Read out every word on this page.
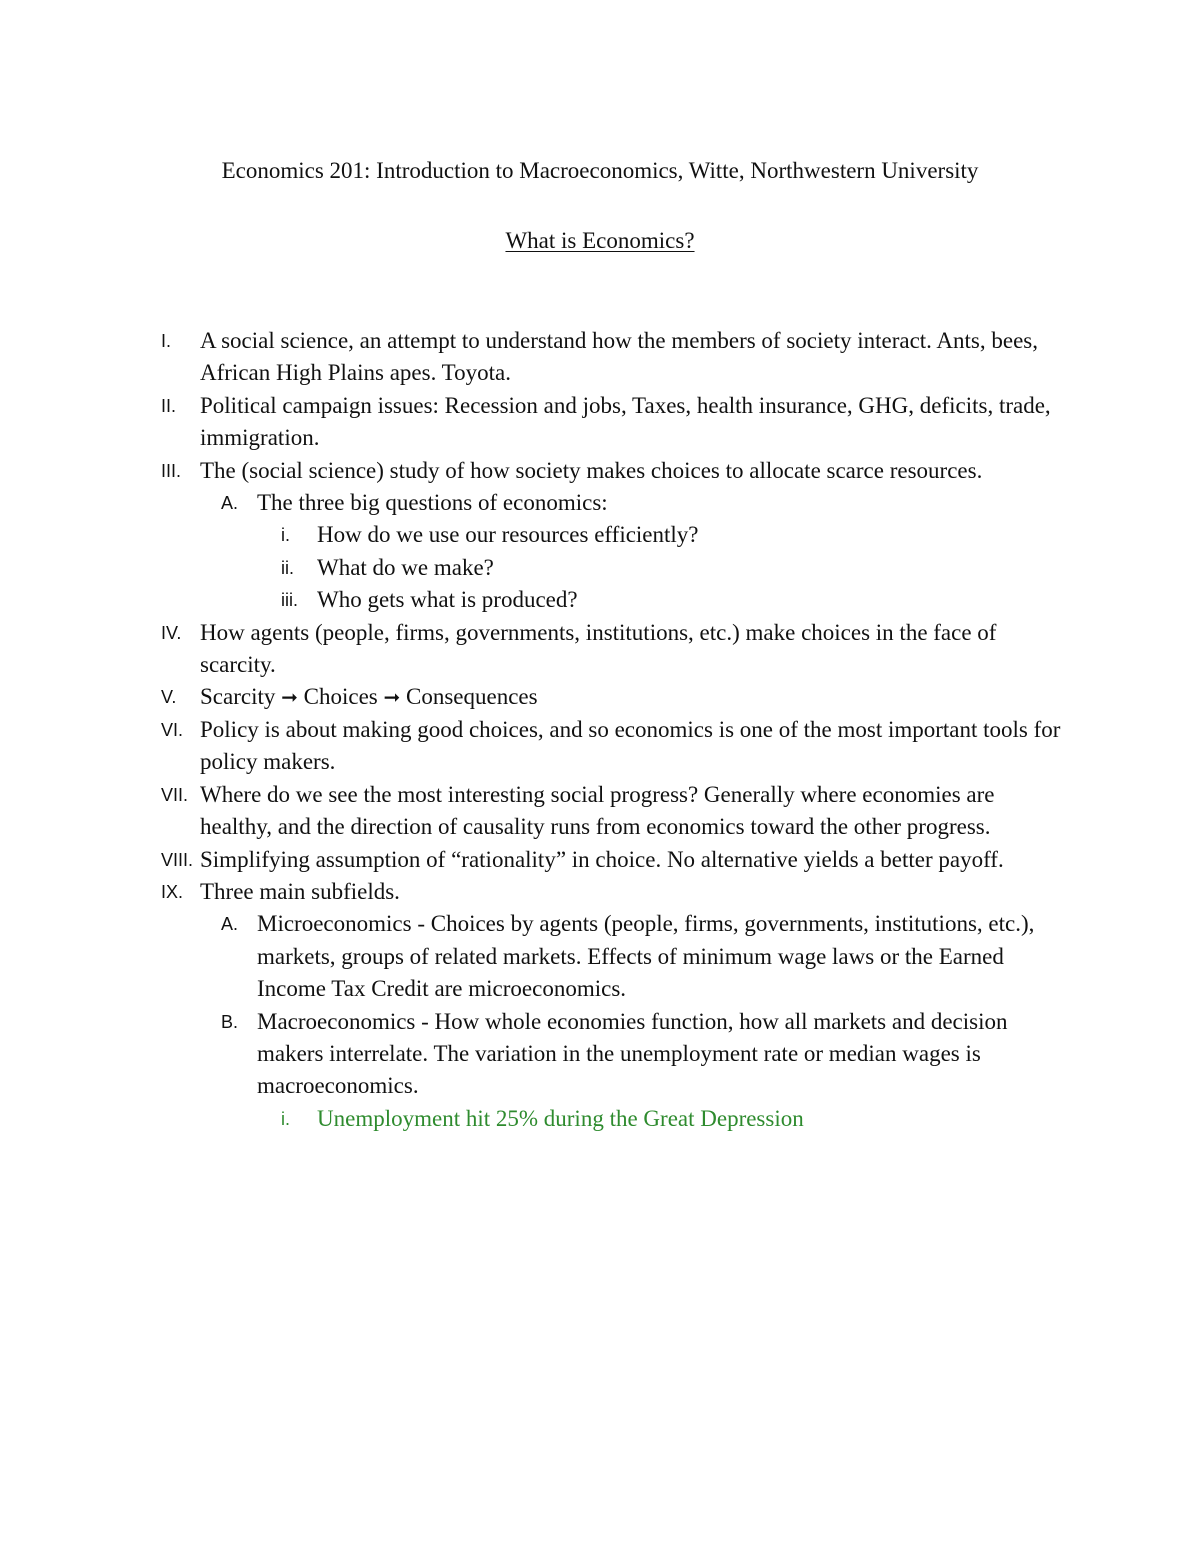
Economics 201: Introduction to Macroeconomics, Witte, Northwestern University
What is Economics?
I. A social science, an attempt to understand how the members of society interact. Ants, bees, African High Plains apes. Toyota.
II. Political campaign issues: Recession and jobs, Taxes, health insurance, GHG, deficits, trade, immigration.
III. The (social science) study of how society makes choices to allocate scarce resources.
A. The three big questions of economics:
i. How do we use our resources efficiently?
ii. What do we make?
iii. Who gets what is produced?
IV. How agents (people, firms, governments, institutions, etc.) make choices in the face of scarcity.
V. Scarcity ➞ Choices ➞ Consequences
VI. Policy is about making good choices, and so economics is one of the most important tools for policy makers.
VII. Where do we see the most interesting social progress? Generally where economies are healthy, and the direction of causality runs from economics toward the other progress.
VIII. Simplifying assumption of “rationality” in choice. No alternative yields a better payoff.
IX. Three main subfields.
A. Microeconomics - Choices by agents (people, firms, governments, institutions, etc.), markets, groups of related markets. Effects of minimum wage laws or the Earned Income Tax Credit are microeconomics.
B. Macroeconomics - How whole economies function, how all markets and decision makers interrelate. The variation in the unemployment rate or median wages is macroeconomics.
i. Unemployment hit 25% during the Great Depression
